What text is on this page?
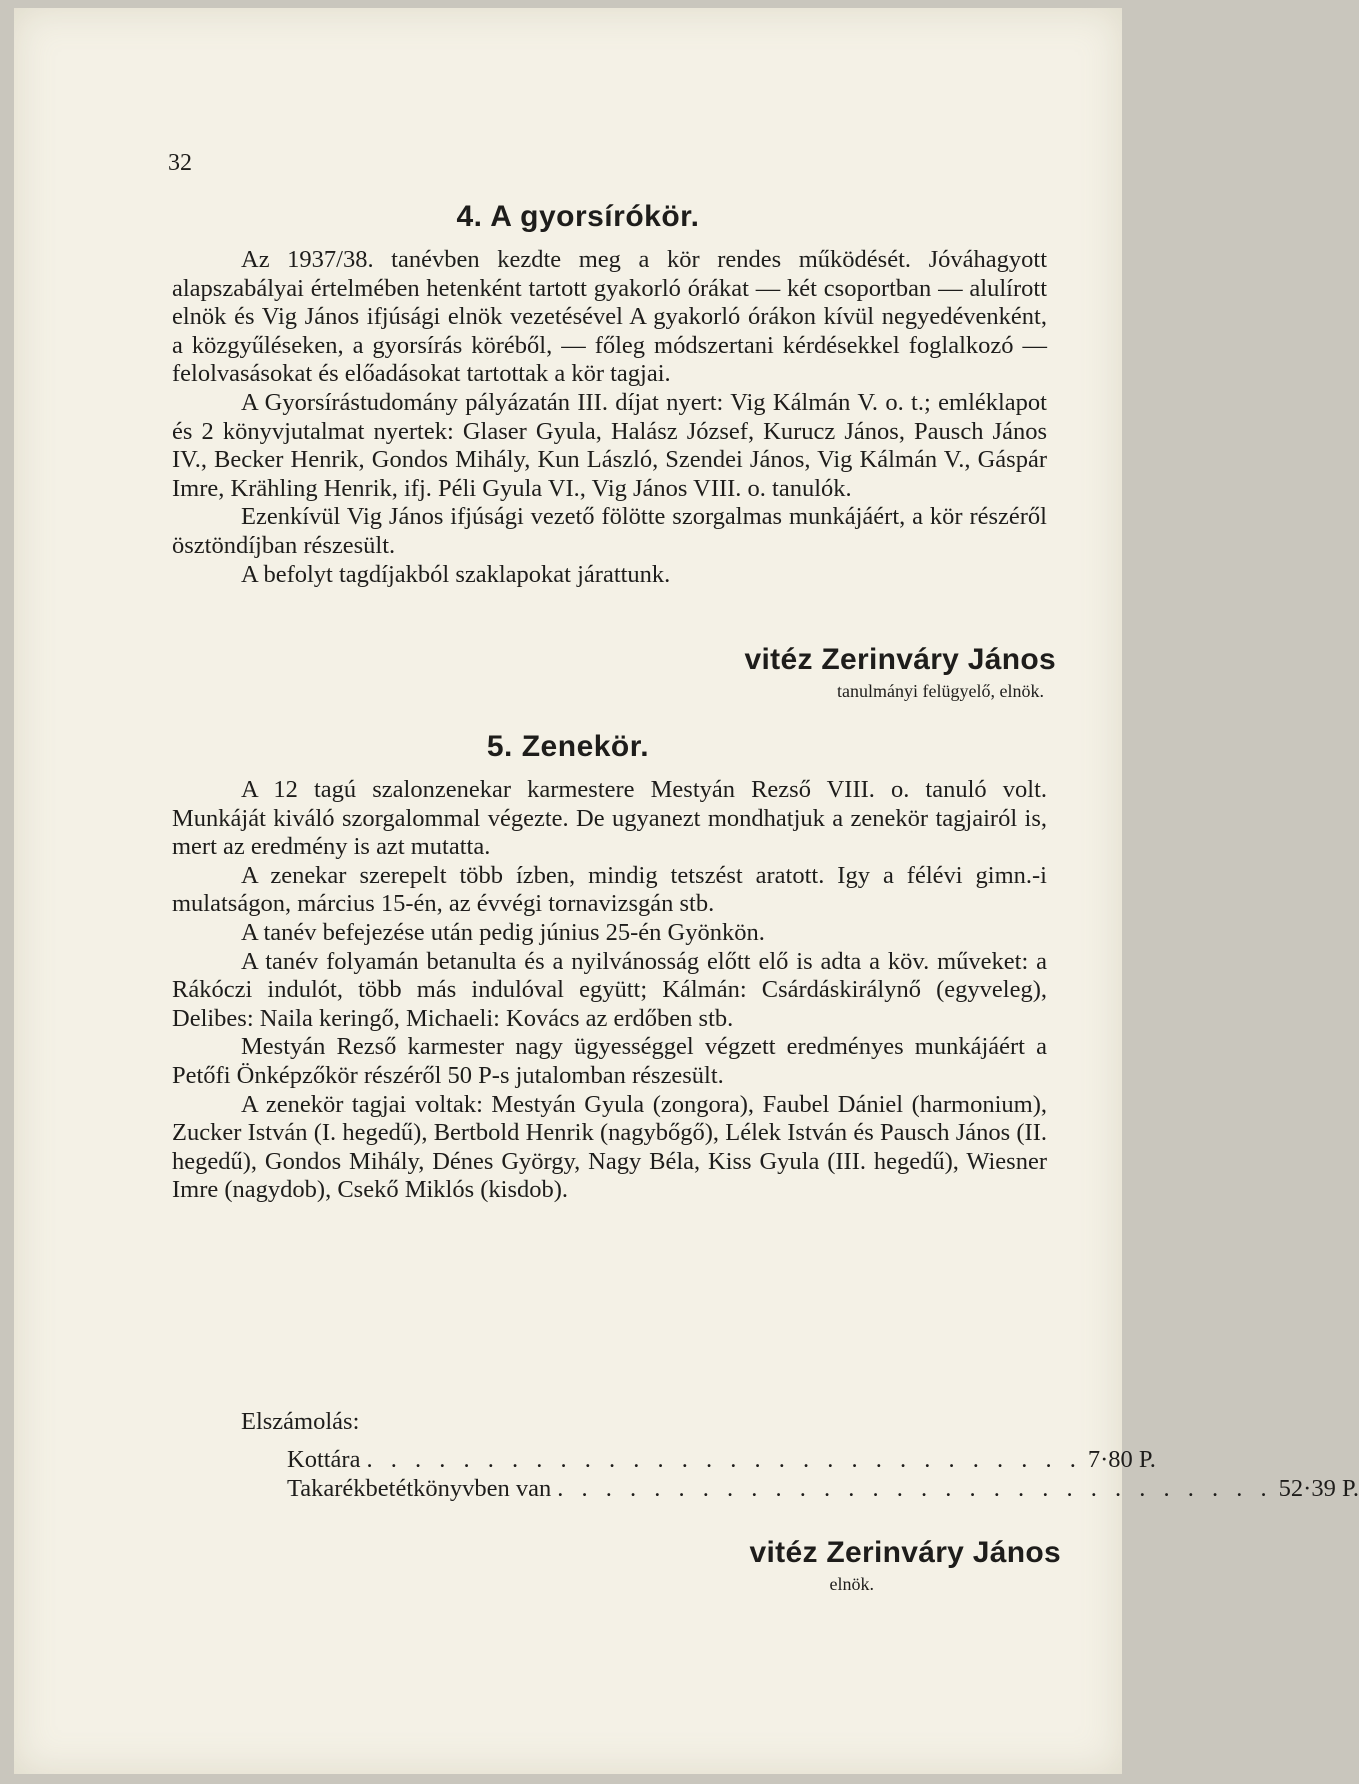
32
4. A gyorsírókör.

Az 1937/38. tanévben kezdte meg a kör rendes működését. Jóváhagyott alapszabályai értelmében hetenként tartott gyakorló órákat — két csoportban — alulírott elnök és Vig János ifjúsági elnök vezetésével A gyakorló órákon kívül negyedévenként, a közgyűléseken, a gyorsírás köréből, — főleg módszertani kérdésekkel foglalkozó — felolvasásokat és előadásokat tartottak a kör tagjai.

A Gyorsírástudomány pályázatán III. díjat nyert: Vig Kálmán V. o. t.; emléklapot és 2 könyvjutalmat nyertek: Glaser Gyula, Halász József, Kurucz János, Pausch János IV., Becker Henrik, Gondos Mihály, Kun László, Szendei János, Vig Kálmán V., Gáspár Imre, Krähling Henrik, ifj. Péli Gyula VI., Vig János VIII. o. tanulók.

Ezenkívül Vig János ifjúsági vezető fölötte szorgalmas munkájáért, a kör részéről ösztöndíjban részesült.

A befolyt tagdíjakból szaklapokat járattunk.

vitéz Zerinváry János
tanulmányi felügyelő, elnök.
5. Zenekör.

A 12 tagú szalonzenekar karmestere Mestyán Rezső VIII. o. tanuló volt. Munkáját kiváló szorgalommal végezte. De ugyanezt mondhatjuk a zenekör tagjairól is, mert az eredmény is azt mutatta.

A zenekar szerepelt több ízben, mindig tetszést aratott. Igy a félévi gimn.-i mulatságon, március 15-én, az évvégi tornavizsgán stb.

A tanév befejezése után pedig június 25-én Gyönkön.

A tanév folyamán betanulta és a nyilvánosság előtt elő is adta a köv. műveket: a Rákóczi indulót, több más indulóval együtt; Kálmán: Csárdáskirálynő (egyveleg), Delibes: Naila keringő, Michaeli: Kovács az erdőben stb.

Mestyán Rezső karmester nagy ügyességgel végzett eredményes munkájáért a Petőfi Önképzőkör részéről 50 P-s jutalomban részesült.

A zenekör tagjai voltak: Mestyán Gyula (zongora), Faubel Dániel (harmonium), Zucker István (I. hegedű), Bertbold Henrik (nagybőgő), Lélek István és Pausch János (II. hegedű), Gondos Mihály, Dénes György, Nagy Béla, Kiss Gyula (III. hegedű), Wiesner Imre (nagydob), Csekő Miklós (kisdob).

Elszámolás:
Kottára . . . . . . . . . . . . . . . . . . . . . . . . . . . . . . 7·80 P.
Takarékbetétkönyvben van . . . . . . . . . . . . . . . . . . . . . . . . . . . . . . 52·39 P.
vitéz Zerinváry János
elnök.
